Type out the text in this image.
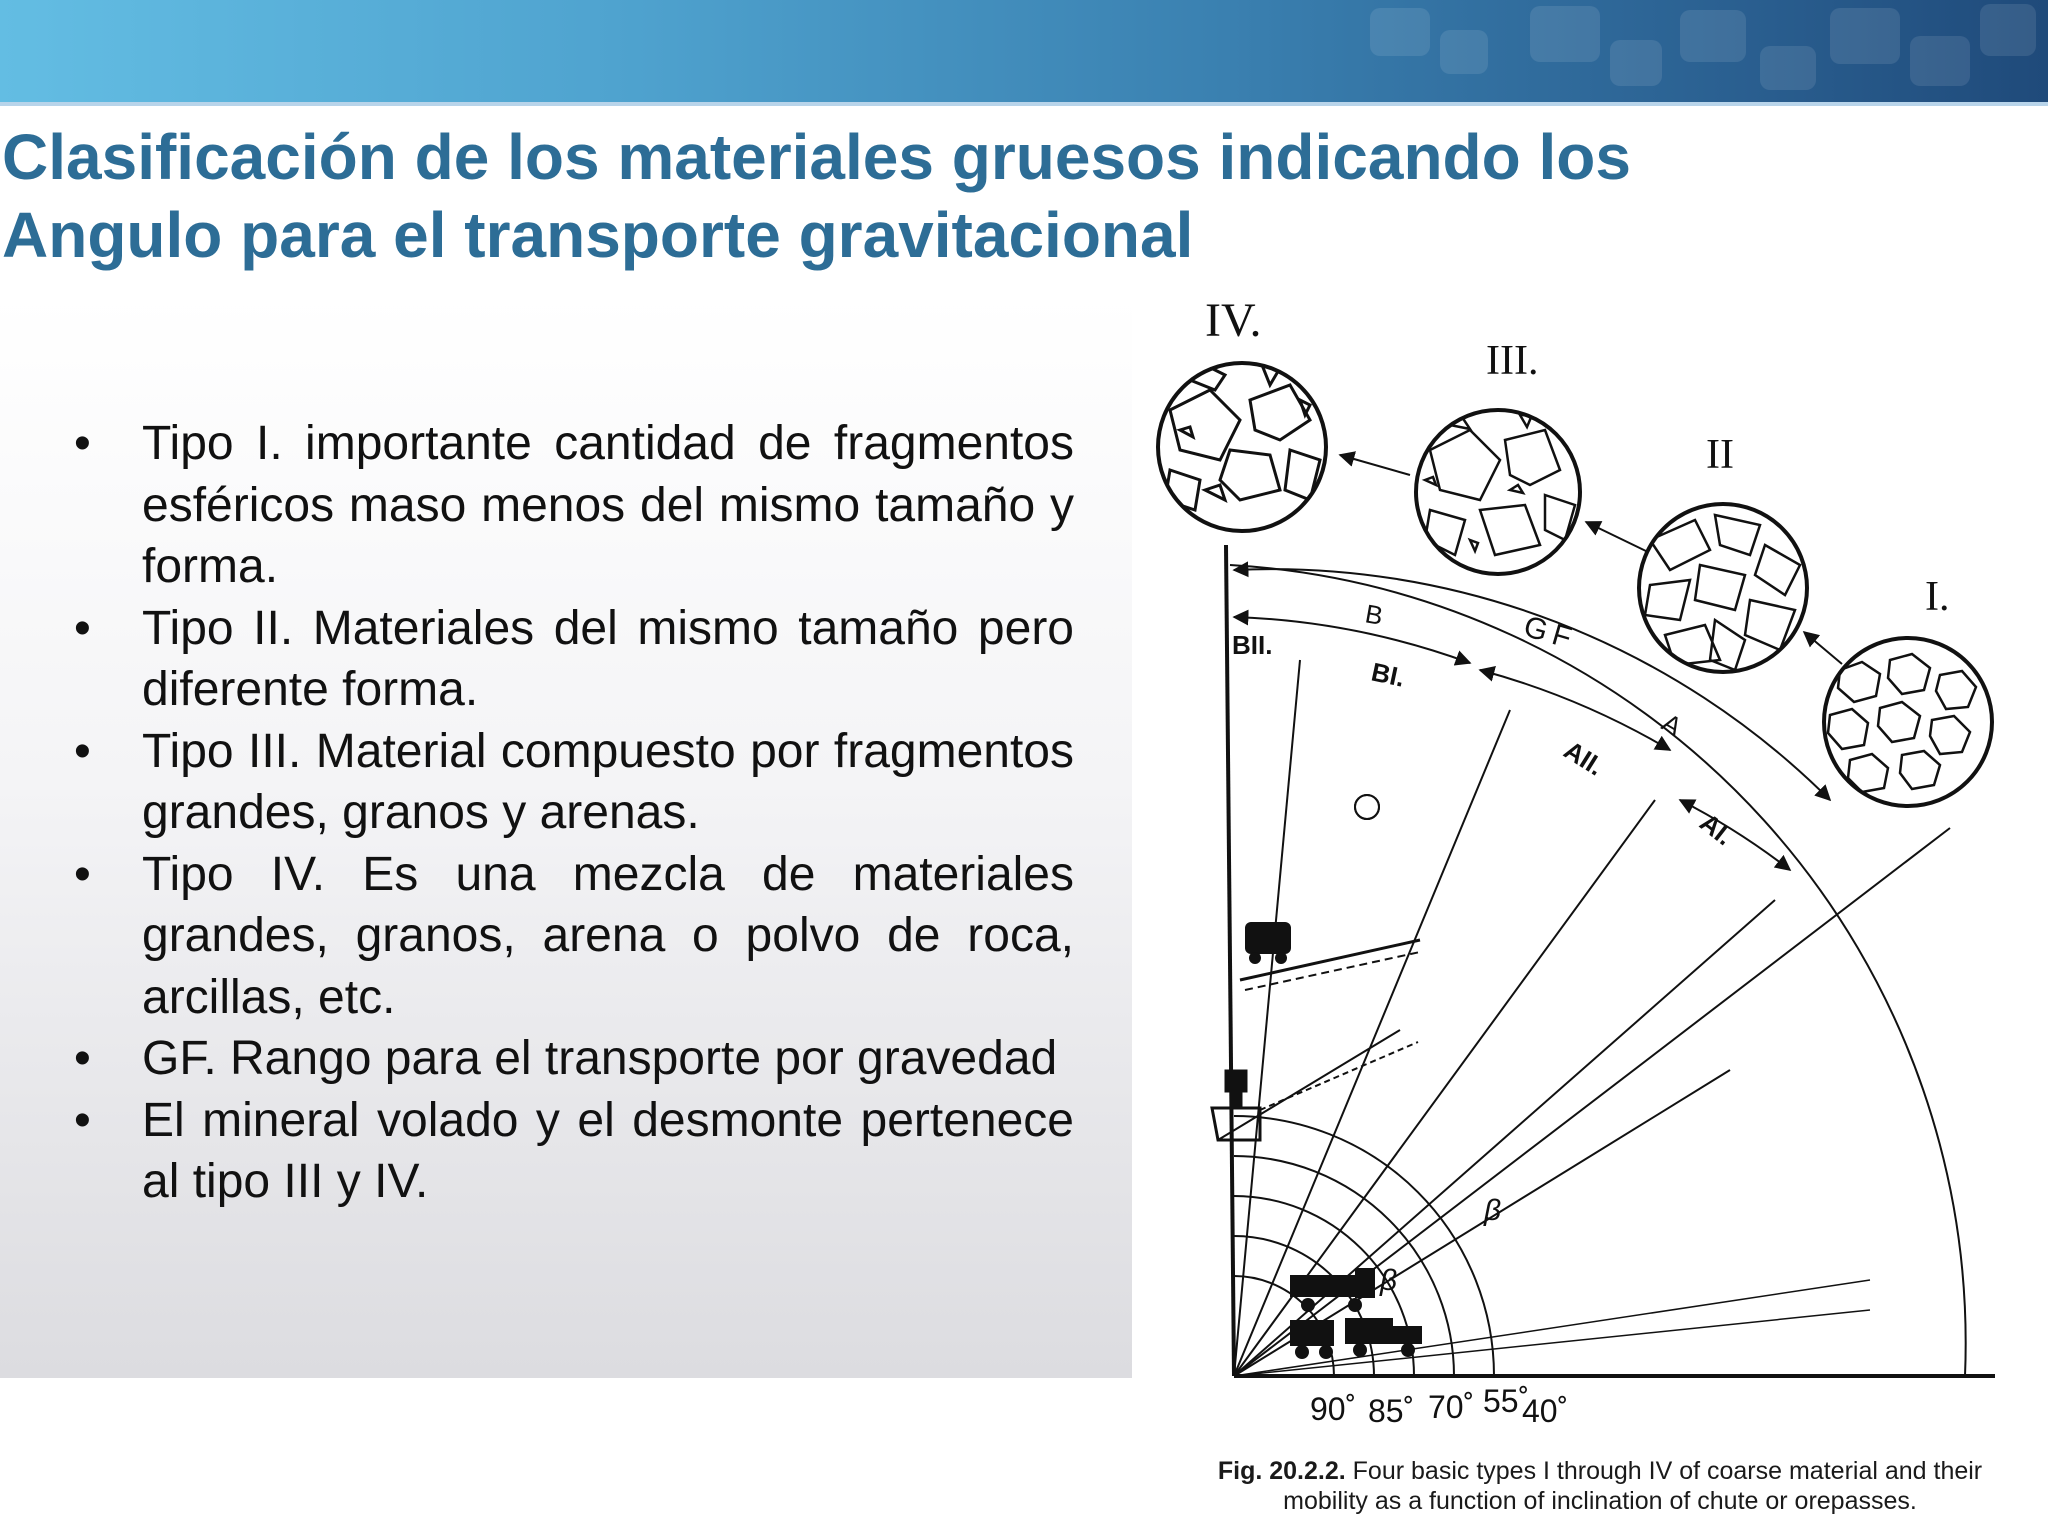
Clasificación de los materiales gruesos indicando los
Angulo para el transporte gravitacional
• Tipo I. importante cantidad de fragmentos esféricos maso menos del mismo tamaño y forma.
• Tipo II. Materiales del mismo tamaño pero diferente forma.
• Tipo III. Material compuesto por fragmentos grandes, granos y arenas.
• Tipo IV. Es una mezcla de materiales grandes, granos, arena o polvo de roca, arcillas, etc.
• GF. Rango para el transporte por gravedad
• El mineral volado y el desmonte pertenece al tipo III y IV.
IV.
III.
II
I.
B	GF
BII.
BI.
AII.
A
AI.
β
β
90˚ 85˚ 70˚ 55˚
40˚
Fig. 20.2.2. Four basic types I through IV of coarse material and their mobility as a function of inclination of chute or orepasses.
